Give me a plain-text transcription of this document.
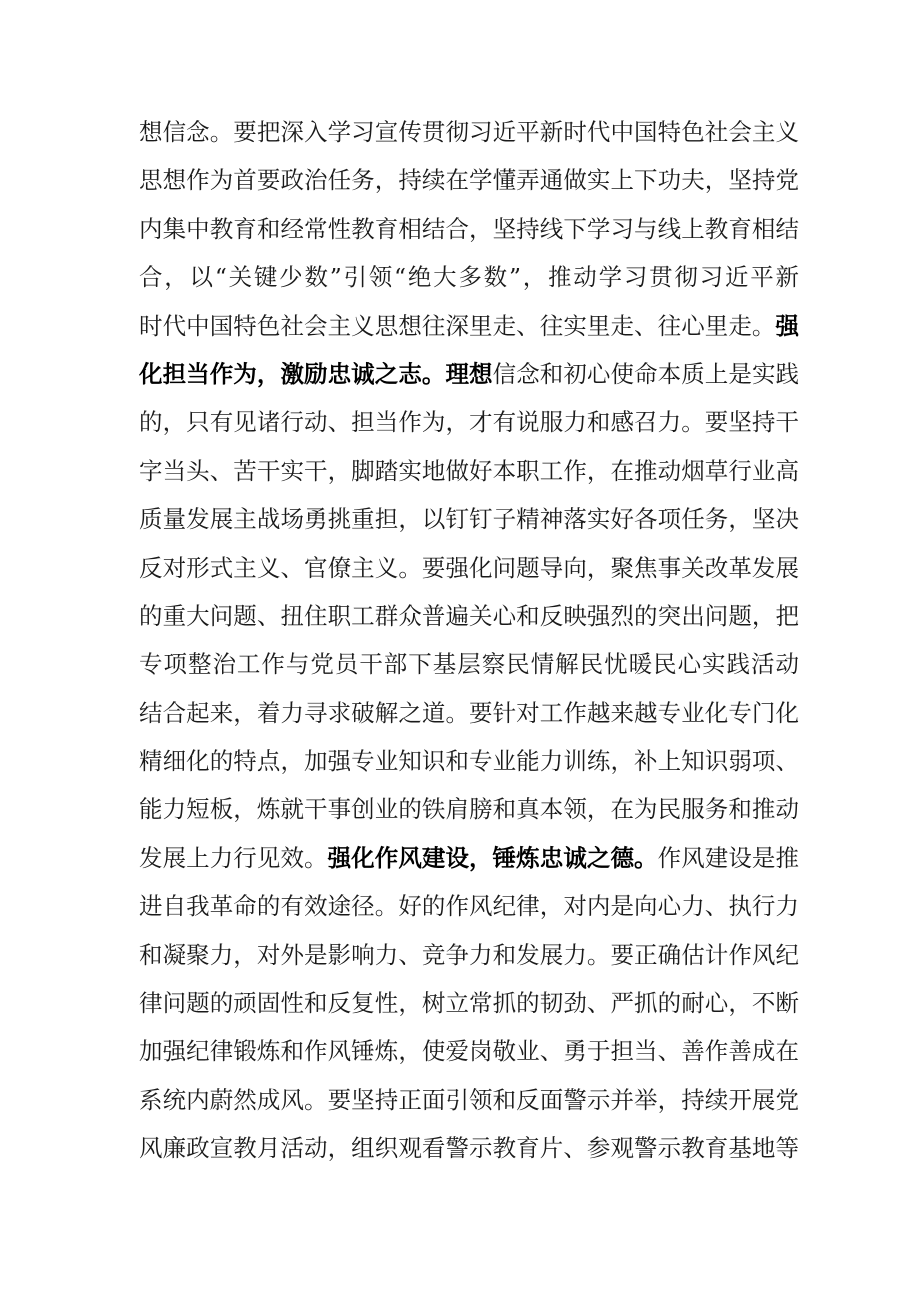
想信念。要把深入学习宣传贯彻习近平新时代中国特色社会主义
思想作为首要政治任务，持续在学懂弄通做实上下功夫，坚持党
内集中教育和经常性教育相结合，坚持线下学习与线上教育相结
合，以“关键少数”引领“绝大多数”，推动学习贯彻习近平新
时代中国特色社会主义思想往深里走、往实里走、往心里走。强
化担当作为，激励忠诚之志。理想信念和初心使命本质上是实践
的，只有见诸行动、担当作为，才有说服力和感召力。要坚持干
字当头、苦干实干，脚踏实地做好本职工作，在推动烟草行业高
质量发展主战场勇挑重担，以钉钉子精神落实好各项任务，坚决
反对形式主义、官僚主义。要强化问题导向，聚焦事关改革发展
的重大问题、扭住职工群众普遍关心和反映强烈的突出问题，把
专项整治工作与党员干部下基层察民情解民忧暖民心实践活动
结合起来，着力寻求破解之道。要针对工作越来越专业化专门化
精细化的特点，加强专业知识和专业能力训练，补上知识弱项、
能力短板，炼就干事创业的铁肩膀和真本领，在为民服务和推动
发展上力行见效。强化作风建设，锤炼忠诚之德。作风建设是推
进自我革命的有效途径。好的作风纪律，对内是向心力、执行力
和凝聚力，对外是影响力、竞争力和发展力。要正确估计作风纪
律问题的顽固性和反复性，树立常抓的韧劲、严抓的耐心，不断
加强纪律锻炼和作风锤炼，使爱岗敬业、勇于担当、善作善成在
系统内蔚然成风。要坚持正面引领和反面警示并举，持续开展党
风廉政宣教月活动，组织观看警示教育片、参观警示教育基地等
